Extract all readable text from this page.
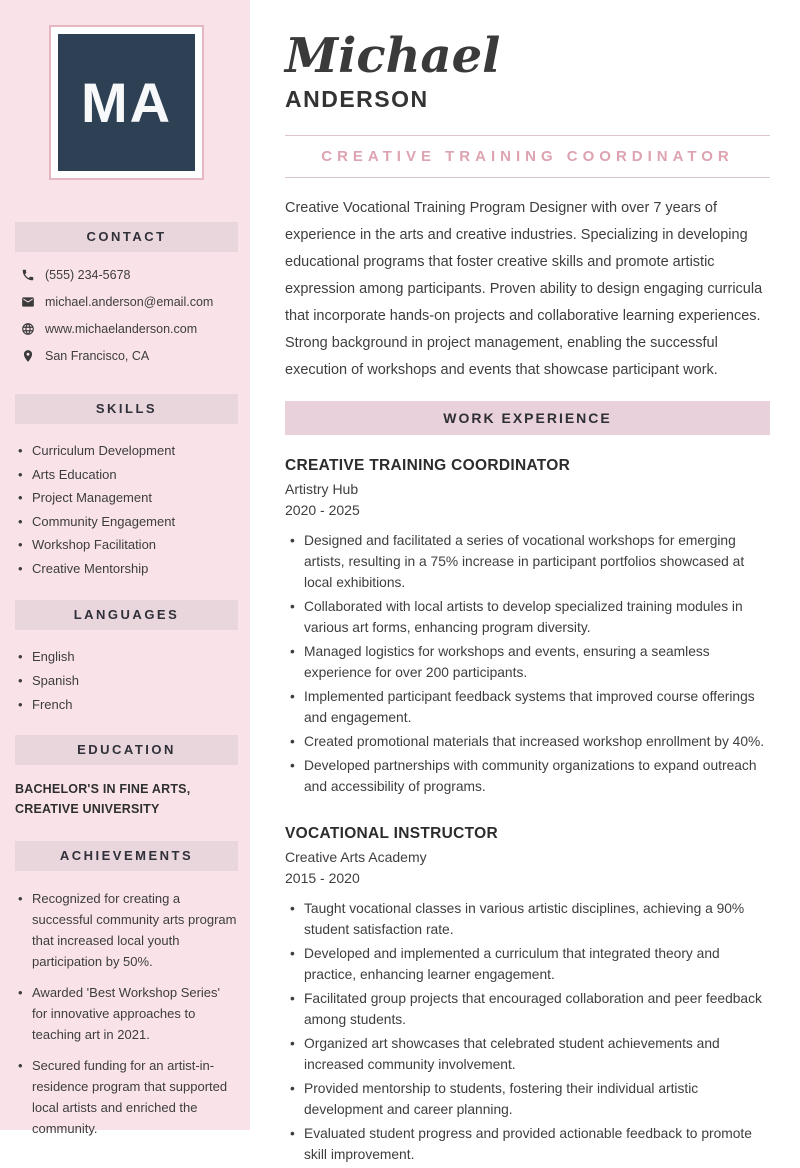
MA
CONTACT
(555) 234-5678
michael.anderson@email.com
www.michaelanderson.com
San Francisco, CA
SKILLS
• Curriculum Development
• Arts Education
• Project Management
• Community Engagement
• Workshop Facilitation
• Creative Mentorship
LANGUAGES
• English
• Spanish
• French
EDUCATION
BACHELOR'S IN FINE ARTS, CREATIVE UNIVERSITY
ACHIEVEMENTS
• Recognized for creating a successful community arts program that increased local youth participation by 50%.
• Awarded 'Best Workshop Series' for innovative approaches to teaching art in 2021.
• Secured funding for an artist-in-residence program that supported local artists and enriched the community.
Michael
ANDERSON
CREATIVE TRAINING COORDINATOR

Creative Vocational Training Program Designer with over 7 years of experience in the arts and creative industries. Specializing in developing educational programs that foster creative skills and promote artistic expression among participants. Proven ability to design engaging curricula that incorporate hands-on projects and collaborative learning experiences. Strong background in project management, enabling the successful execution of workshops and events that showcase participant work.

WORK EXPERIENCE
CREATIVE TRAINING COORDINATOR
Artistry Hub
2020 - 2025
• Designed and facilitated a series of vocational workshops for emerging artists, resulting in a 75% increase in participant portfolios showcased at local exhibitions.
• Collaborated with local artists to develop specialized training modules in various art forms, enhancing program diversity.
• Managed logistics for workshops and events, ensuring a seamless experience for over 200 participants.
• Implemented participant feedback systems that improved course offerings and engagement.
• Created promotional materials that increased workshop enrollment by 40%.
• Developed partnerships with community organizations to expand outreach and accessibility of programs.
VOCATIONAL INSTRUCTOR
Creative Arts Academy
2015 - 2020
• Taught vocational classes in various artistic disciplines, achieving a 90% student satisfaction rate.
• Developed and implemented a curriculum that integrated theory and practice, enhancing learner engagement.
• Facilitated group projects that encouraged collaboration and peer feedback among students.
• Organized art showcases that celebrated student achievements and increased community involvement.
• Provided mentorship to students, fostering their individual artistic development and career planning.
• Evaluated student progress and provided actionable feedback to promote skill improvement.
